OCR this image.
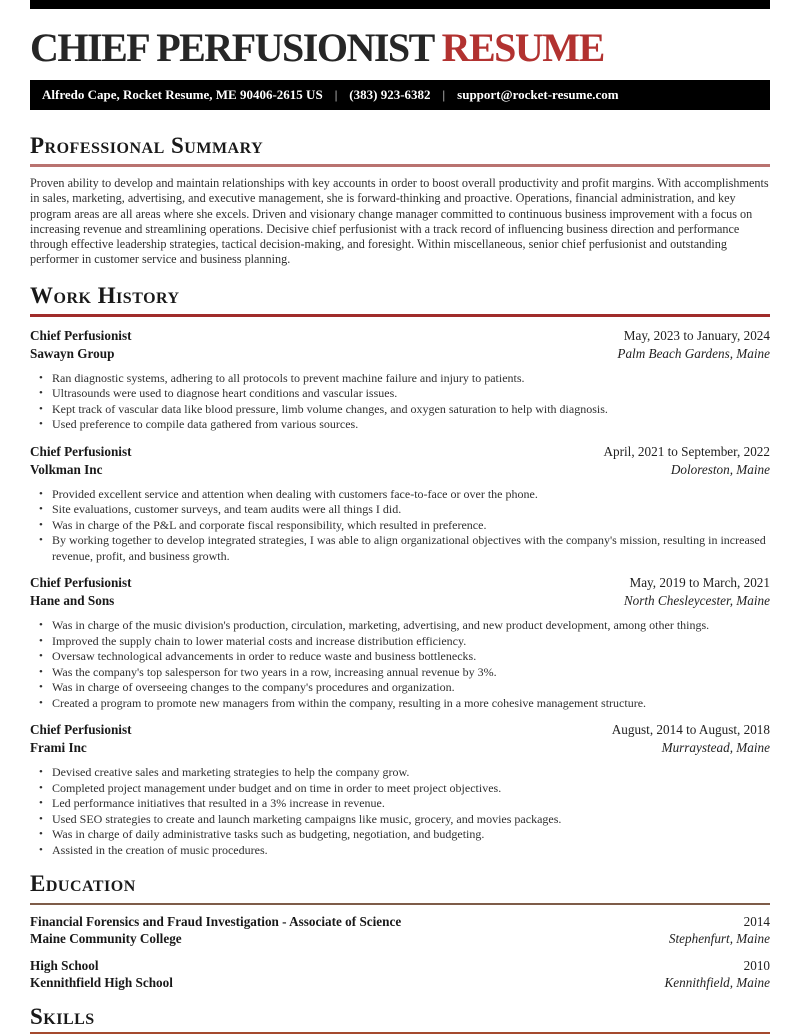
CHIEF PERFUSIONIST RESUME
Alfredo Cape, Rocket Resume, ME 90406-2615 US | (383) 923-6382 | support@rocket-resume.com
Professional Summary

Proven ability to develop and maintain relationships with key accounts in order to boost overall productivity and profit margins. With accomplishments in sales, marketing, advertising, and executive management, she is forward-thinking and proactive. Operations, financial administration, and key program areas are all areas where she excels. Driven and visionary change manager committed to continuous business improvement with a focus on increasing revenue and streamlining operations. Decisive chief perfusionist with a track record of influencing business direction and performance through effective leadership strategies, tactical decision-making, and foresight. Within miscellaneous, senior chief perfusionist and outstanding performer in customer service and business planning.

Work History
Chief Perfusionist	May, 2023 to January, 2024
Sawayn Group	Palm Beach Gardens, Maine
• Ran diagnostic systems, adhering to all protocols to prevent machine failure and injury to patients.
• Ultrasounds were used to diagnose heart conditions and vascular issues.
• Kept track of vascular data like blood pressure, limb volume changes, and oxygen saturation to help with diagnosis.
• Used preference to compile data gathered from various sources.
Chief Perfusionist	April, 2021 to September, 2022
Volkman Inc	Doloreston, Maine
• Provided excellent service and attention when dealing with customers face-to-face or over the phone.
• Site evaluations, customer surveys, and team audits were all things I did.
• Was in charge of the P&L and corporate fiscal responsibility, which resulted in preference.
• By working together to develop integrated strategies, I was able to align organizational objectives with the company's mission, resulting in increased revenue, profit, and business growth.
Chief Perfusionist	May, 2019 to March, 2021
Hane and Sons	North Chesleycester, Maine
• Was in charge of the music division's production, circulation, marketing, advertising, and new product development, among other things.
• Improved the supply chain to lower material costs and increase distribution efficiency.
• Oversaw technological advancements in order to reduce waste and business bottlenecks.
• Was the company's top salesperson for two years in a row, increasing annual revenue by 3%.
• Was in charge of overseeing changes to the company's procedures and organization.
• Created a program to promote new managers from within the company, resulting in a more cohesive management structure.
Chief Perfusionist	August, 2014 to August, 2018
Frami Inc	Murraystead, Maine
• Devised creative sales and marketing strategies to help the company grow.
• Completed project management under budget and on time in order to meet project objectives.
• Led performance initiatives that resulted in a 3% increase in revenue.
• Used SEO strategies to create and launch marketing campaigns like music, grocery, and movies packages.
• Was in charge of daily administrative tasks such as budgeting, negotiation, and budgeting.
• Assisted in the creation of music procedures.
Education
Financial Forensics and Fraud Investigation - Associate of Science	2014
Maine Community College	Stephenfurt, Maine
High School	2010
Kennithfield High School	Kennithfield, Maine
Skills
